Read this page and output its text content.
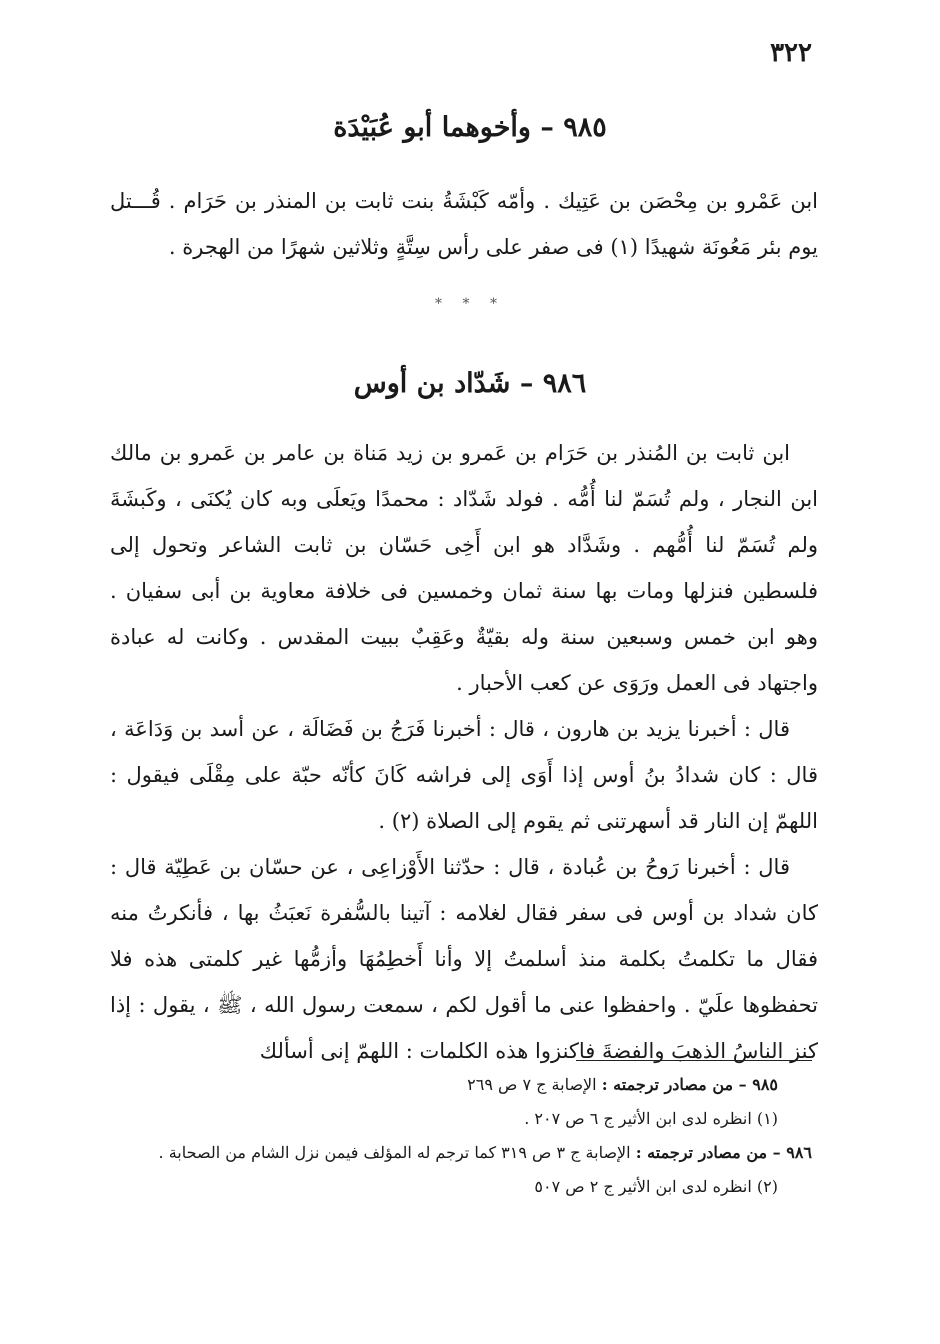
٣٢٢
٩٨٥ – وأخوهما أبو عُبَيْدَة

ابن عَمْرو بن مِحْصَن بن عَتِيك . وأمّه كَبْشَةُ بنت ثابت بن المنذر بن حَرَام . قُـــتل يوم بئر مَعُونَة شهيدًا (١) فى صفر على رأس سِتَّةٍ وثلاثين شهرًا من الهجرة .

* * *
٩٨٦ – شَدّاد بن أوس

ابن ثابت بن المُنذر بن حَرَام بن عَمرو بن زيد مَناة بن عامر بن عَمرو بن مالك ابن النجار ، ولم تُسَمّ لنا أُمُّه . فولد شَدّاد : محمدًا ويَعلَى وبه كان يُكنَى ، وكَبشَةَ ولم تُسَمّ لنا أُمُّهم . وشَدَّاد هو ابن أَخِى حَسّان بن ثابت الشاعر وتحول إلى فلسطين فنزلها ومات بها سنة ثمان وخمسين فى خلافة معاوية بن أبى سفيان . وهو ابن خمس وسبعين سنة وله بقيّةٌ وعَقِبٌ ببيت المقدس . وكانت له عبادة واجتهاد فى العمل ورَوَى عن كعب الأحبار .

قال : أخبرنا يزيد بن هارون ، قال : أخبرنا فَرَجُ بن فَضَالَة ، عن أسد بن وَدَاعَة ، قال : كان شدادُ بنُ أوس إذا أَوَى إلى فراشه كَانَ كأنّه حبّة على مِقْلَى فيقول : اللهمّ إن النار قد أسهرتنى ثم يقوم إلى الصلاة (٢) .

قال : أخبرنا رَوحُ بن عُبادة ، قال : حدّثنا الأَوْزاعِى ، عن حسّان بن عَطِيّة قال : كان شداد بن أوس فى سفر فقال لغلامه : آتينا بالسُّفرة نَعبَثُ بها ، فأنكرتُ منه فقال ما تكلمتُ بكلمة منذ أسلمتُ إلا وأنا أَخطِمُهَا وأزمُّها غير كلمتى هذه فلا تحفظوها علَيّ . واحفظوا عنى ما أقول لكم ، سمعت رسول الله ، ﷺ ، يقول : إذا كنز الناسُ الذهبَ والفضةَ فاكنزوا هذه الكلمات : اللهمّ إنى أسألك

٩٨٥ – من مصادر ترجمته : الإصابة ج ٧ ص ٢٦٩

(١) انظره لدى ابن الأثير ج ٦ ص ٢٠٧ .

٩٨٦ – من مصادر ترجمته : الإصابة ج ٣ ص ٣١٩ كما ترجم له المؤلف فيمن نزل الشام من الصحابة .

(٢) انظره لدى ابن الأثير ج ٢ ص ٥٠٧
